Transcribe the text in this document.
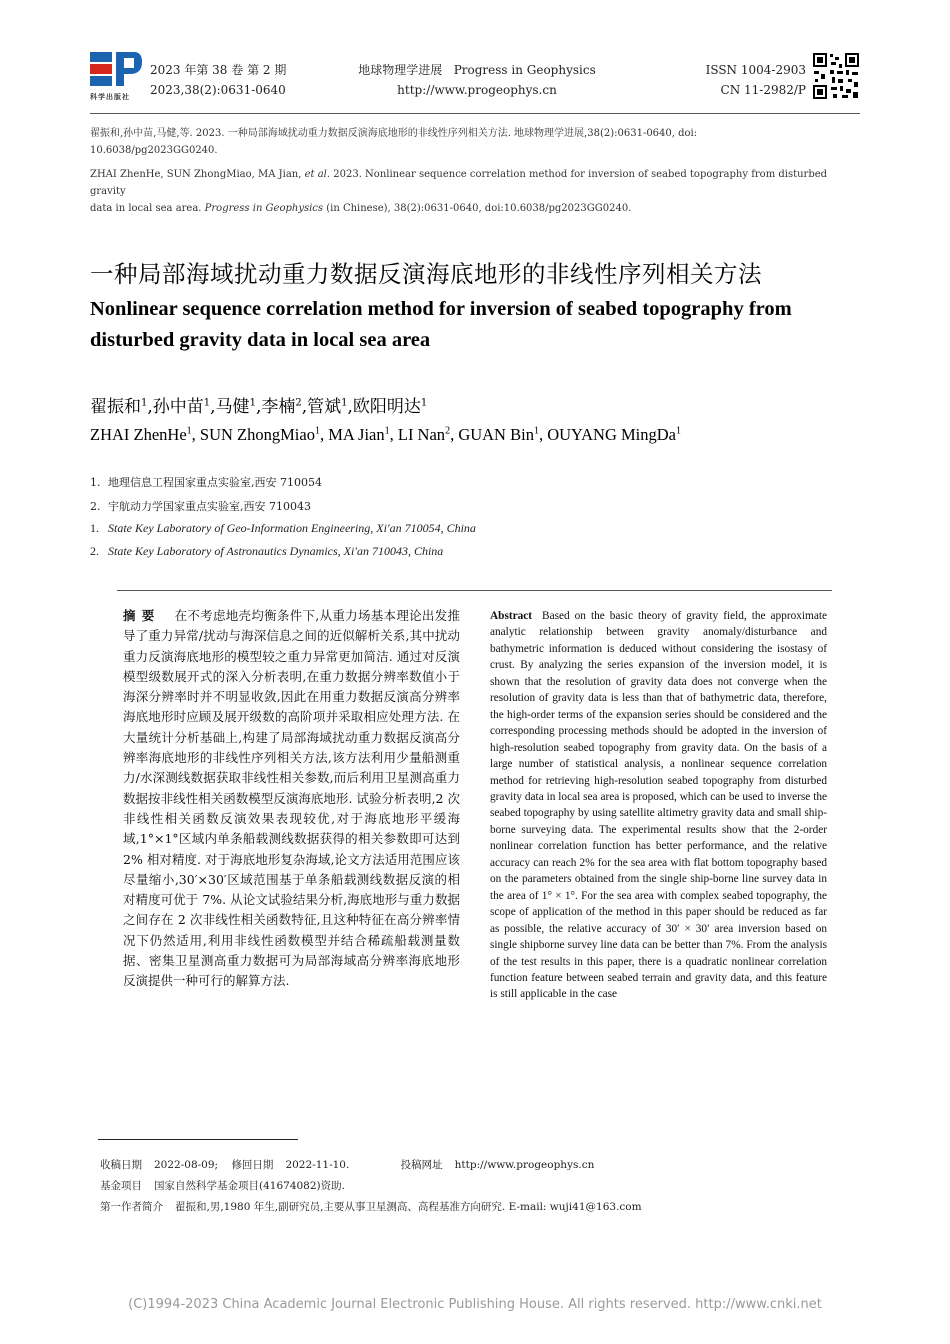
科学出版社
2023 年第 38 卷 第 2 期
2023,38(2):0631-0640
地球物理学进展 Progress in Geophysics
http://www.progeophys.cn
ISSN 1004-2903
CN 11-2982/P
翟振和,孙中苗,马健,等. 2023. 一种局部海域扰动重力数据反演海底地形的非线性序列相关方法. 地球物理学进展,38(2):0631-0640, doi:
10.6038/pg2023GG0240.
ZHAI ZhenHe, SUN ZhongMiao, MA Jian, et al. 2023. Nonlinear sequence correlation method for inversion of seabed topography from disturbed gravity
data in local sea area. Progress in Geophysics (in Chinese), 38(2):0631-0640, doi:10.6038/pg2023GG0240.
一种局部海域扰动重力数据反演海底地形的非线性序列相关方法
Nonlinear sequence correlation method for inversion of seabed topography from disturbed gravity data in local sea area
翟振和$^1$,孙中苗$^1$,马健$^1$,李楠$^2$,管斌$^1$,欧阳明达$^1$
ZHAI ZhenHe$^1$, SUN ZhongMiao$^1$, MA Jian$^1$, LI Nan$^2$, GUAN Bin$^1$, OUYANG MingDa$^1$
1. 地理信息工程国家重点实验室,西安 710054
2. 宇航动力学国家重点实验室,西安 710043
1. State Key Laboratory of Geo-Information Engineering, Xi′an 710054, China
2. State Key Laboratory of Astronautics Dynamics, Xi′an 710043, China
摘要 在不考虑地壳均衡条件下,从重力场基本理论出发推导了重力异常/扰动与海深信息之间的近似解析关系,其中扰动重力反演海底地形的模型较之重力异常更加简洁. 通过对反演模型级数展开式的深入分析表明,在重力数据分辨率数值小于海深分辨率时并不明显收敛,因此在用重力数据反演高分辨率海底地形时应顾及展开级数的高阶项并采取相应处理方法. 在大量统计分析基础上,构建了局部海域扰动重力数据反演高分辨率海底地形的非线性序列相关方法,该方法利用少量船测重力/水深测线数据获取非线性相关参数,而后利用卫星测高重力数据按非线性相关函数模型反演海底地形. 试验分析表明,2 次非线性相关函数反演效果表现较优,对于海底地形平缓海域,1°×1°区域内单条船载测线数据获得的相关参数即可达到 2% 相对精度. 对于海底地形复杂海域,论文方法适用范围应该尽量缩小,30′×30′区域范围基于单条船载测线数据反演的相对精度可优于 7%. 从论文试验结果分析,海底地形与重力数据之间存在 2 次非线性相关函数特征,且这种特征在高分辨率情况下仍然适用,利用非线性函数模型并结合稀疏船载测量数据、密集卫星测高重力数据可为局部海域高分辨率海底地形反演提供一种可行的解算方法.
Abstract Based on the basic theory of gravity field, the approximate analytic relationship between gravity anomaly/disturbance and bathymetric information is deduced without considering the isostasy of crust. By analyzing the series expansion of the inversion model, it is shown that the resolution of gravity data does not converge when the resolution of gravity data is less than that of bathymetric data, therefore, the high-order terms of the expansion series should be considered and the corresponding processing methods should be adopted in the inversion of high-resolution seabed topography from gravity data. On the basis of a large number of statistical analysis, a nonlinear sequence correlation method for retrieving high-resolution seabed topography from disturbed gravity data in local sea area is proposed, which can be used to inverse the seabed topography by using satellite altimetry gravity data and small ship-borne surveying data. The experimental results show that the 2-order nonlinear correlation function has better performance, and the relative accuracy can reach 2% for the sea area with flat bottom topography based on the parameters obtained from the single ship-borne line survey data in the area of 1° × 1°. For the sea area with complex seabed topography, the scope of application of the method in this paper should be reduced as far as possible, the relative accuracy of 30′ × 30′ area inversion based on single shipborne survey line data can be better than 7%. From the analysis of the test results in this paper, there is a quadratic nonlinear correlation function feature between seabed terrain and gravity data, and this feature is still applicable in the case
收稿日期 2022-08-09; 修回日期 2022-11-10.	投稿网址 http://www.progeophys.cn
基金项目 国家自然科学基金项目(41674082)资助.
第一作者简介 翟振和,男,1980 年生,副研究员,主要从事卫星测高、高程基准方向研究. E-mail: wuji41@163.com
(C)1994-2023 China Academic Journal Electronic Publishing House. All rights reserved. http://www.cnki.net
